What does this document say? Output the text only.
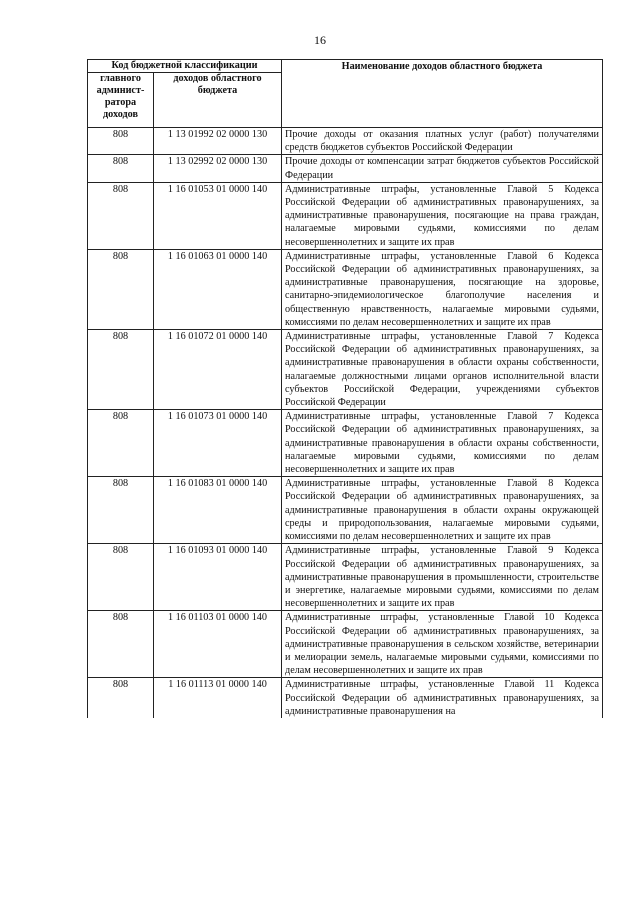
16
Код бюджетной классификации		Наименование доходов областного бюджета
главного админист-ратора доходов	доходов областного бюджета	
808	1 13 01992 02 0000 130	Прочие доходы от оказания платных услуг (работ) получателями средств бюджетов субъектов Российской Федерации
808	1 13 02992 02 0000 130	Прочие доходы от компенсации затрат бюджетов субъектов Российской Федерации
808	1 16 01053 01 0000 140	Административные штрафы, установленные Главой 5 Кодекса Российской Федерации об административных правонарушениях, за административные правонарушения, посягающие на права граждан, налагаемые мировыми судьями, комиссиями по делам несовершеннолетних и защите их прав
808	1 16 01063 01 0000 140	Административные штрафы, установленные Главой 6 Кодекса Российской Федерации об административных правонарушениях, за административные правонарушения, посягающие на здоровье, санитарно-эпидемиологическое благополучие населения и общественную нравственность, налагаемые мировыми судьями, комиссиями по делам несовершеннолетних и защите их прав
808	1 16 01072 01 0000 140	Административные штрафы, установленные Главой 7 Кодекса Российской Федерации об административных правонарушениях, за административные правонарушения в области охраны собственности, налагаемые должностными лицами органов исполнительной власти субъектов Российской Федерации, учреждениями субъектов Российской Федерации
808	1 16 01073 01 0000 140	Административные штрафы, установленные Главой 7 Кодекса Российской Федерации об административных правонарушениях, за административные правонарушения в области охраны собственности, налагаемые мировыми судьями, комиссиями по делам несовершеннолетних и защите их прав
808	1 16 01083 01 0000 140	Административные штрафы, установленные Главой 8 Кодекса Российской Федерации об административных правонарушениях, за административные правонарушения в области охраны окружающей среды и природопользования, налагаемые мировыми судьями, комиссиями по делам несовершеннолетних и защите их прав
808	1 16 01093 01 0000 140	Административные штрафы, установленные Главой 9 Кодекса Российской Федерации об административных правонарушениях, за административные правонарушения в промышленности, строительстве и энергетике, налагаемые мировыми судьями, комиссиями по делам несовершеннолетних и защите их прав
808	1 16 01103 01 0000 140	Административные штрафы, установленные Главой 10 Кодекса Российской Федерации об административных правонарушениях, за административные правонарушения в сельском хозяйстве, ветеринарии и мелиорации земель, налагаемые мировыми судьями, комиссиями по делам несовершеннолетних и защите их прав
808	1 16 01113 01 0000 140	Административные штрафы, установленные Главой 11 Кодекса Российской Федерации об административных правонарушениях, за административные правонарушения на
